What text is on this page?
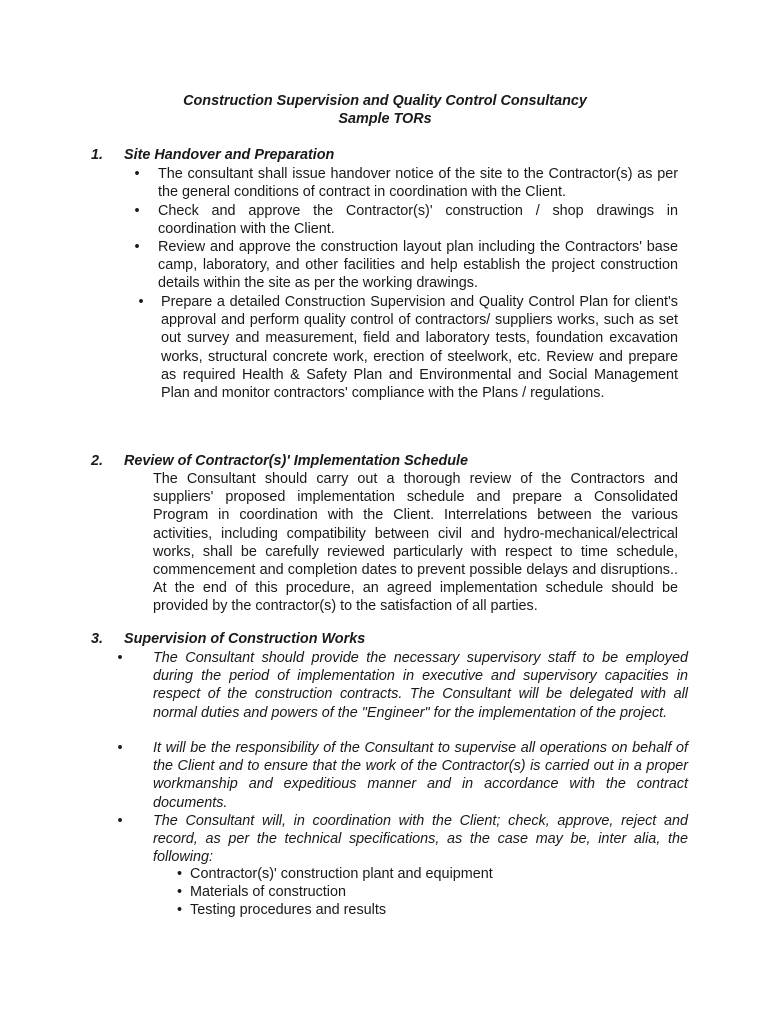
Construction Supervision and Quality Control Consultancy
Sample TORs
1. Site Handover and Preparation
• The consultant shall issue handover notice of the site to the Contractor(s) as per the general conditions of contract in coordination with the Client.
• Check and approve the Contractor(s)' construction / shop drawings in coordination with the Client.
• Review and approve the construction layout plan including the Contractors' base camp, laboratory, and other facilities and help establish the project construction details within the site as per the working drawings.
• Prepare a detailed Construction Supervision and Quality Control Plan for client's approval and perform quality control of contractors/ suppliers works, such as set out survey and measurement, field and laboratory tests, foundation excavation works, structural concrete work, erection of steelwork, etc. Review and prepare as required Health & Safety Plan and Environmental and Social Management Plan and monitor contractors' compliance with the Plans / regulations.
2. Review of Contractor(s)' Implementation Schedule
The Consultant should carry out a thorough review of the Contractors and suppliers' proposed implementation schedule and prepare a Consolidated Program in coordination with the Client. Interrelations between the various activities, including compatibility between civil and hydro-mechanical/electrical works, shall be carefully reviewed particularly with respect to time schedule, commencement and completion dates to prevent possible delays and disruptions.. At the end of this procedure, an agreed implementation schedule should be provided by the contractor(s) to the satisfaction of all parties.
3. Supervision of Construction Works
• The Consultant should provide the necessary supervisory staff to be employed during the period of implementation in executive and supervisory capacities in respect of the construction contracts. The Consultant will be delegated with all normal duties and powers of the "Engineer" for the implementation of the project.
• It will be the responsibility of the Consultant to supervise all operations on behalf of the Client and to ensure that the work of the Contractor(s) is carried out in a proper workmanship and expeditious manner and in accordance with the contract documents.
• The Consultant will, in coordination with the Client; check, approve, reject and record, as per the technical specifications, as the case may be, inter alia, the following:
• Contractor(s)' construction plant and equipment
• Materials of construction
• Testing procedures and results
